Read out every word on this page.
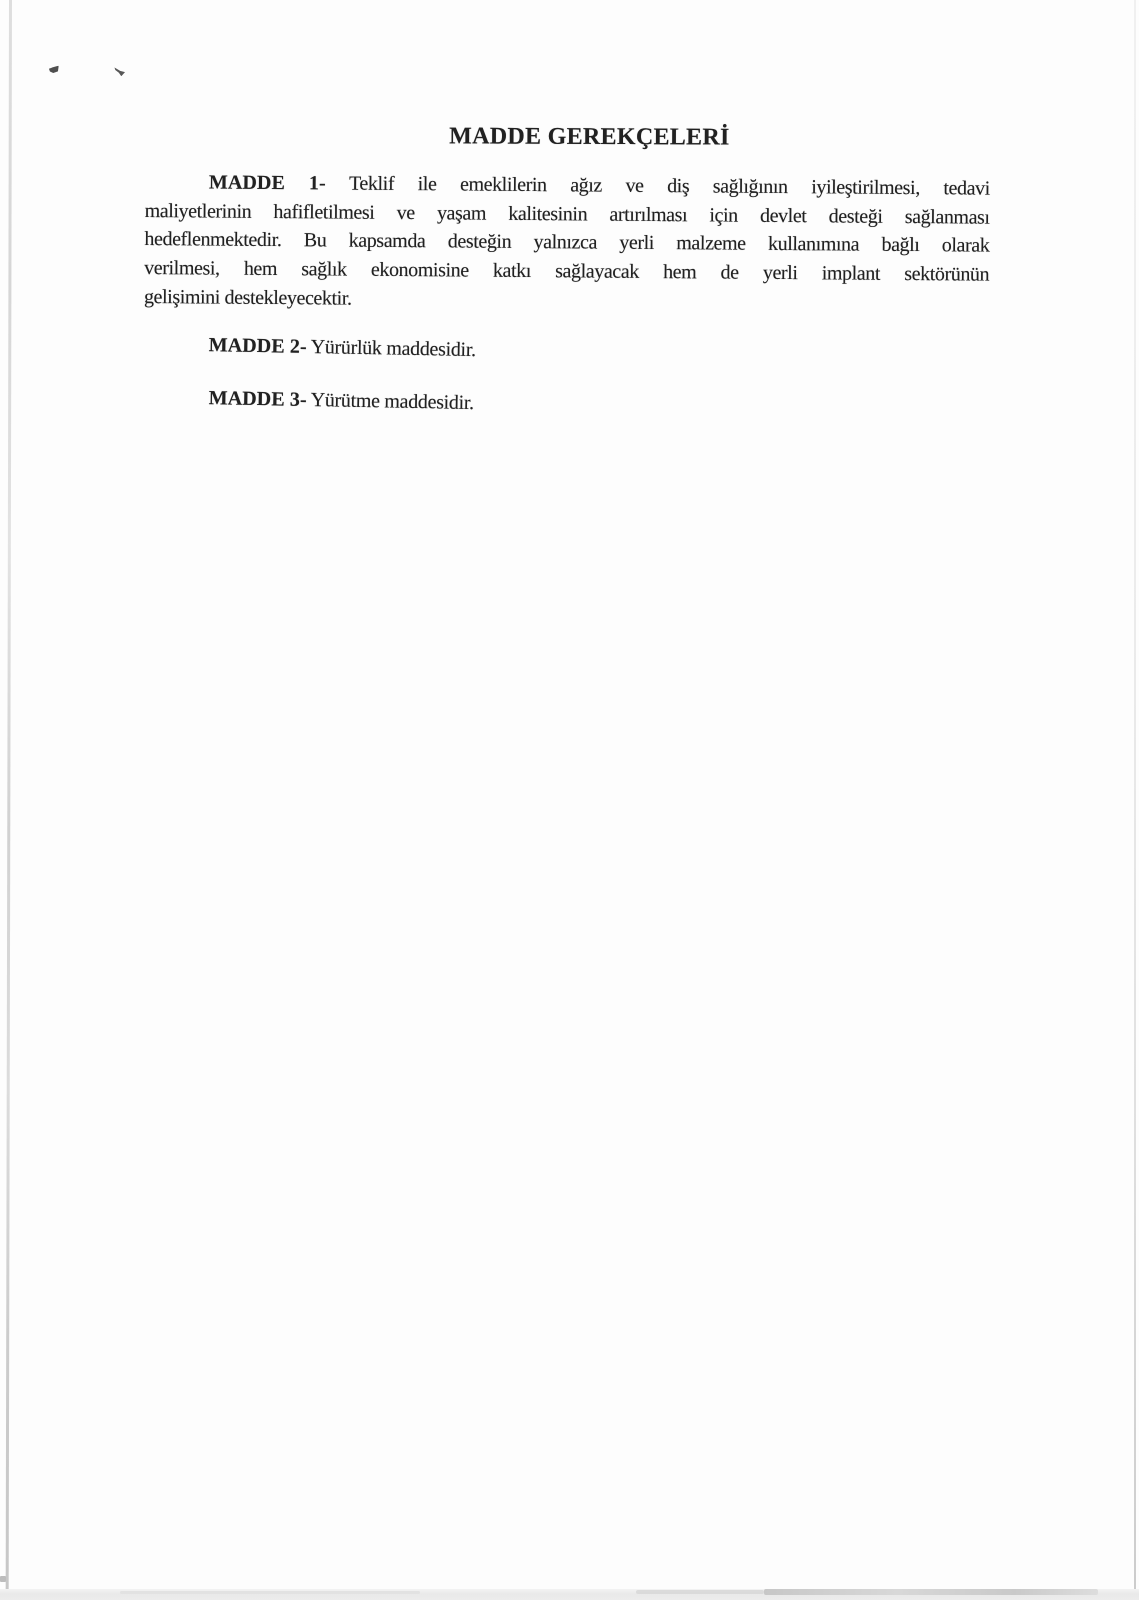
MADDE GEREKÇELERİ
MADDE 1- Teklif ile emeklilerin ağız ve diş sağlığının iyileştirilmesi, tedavi
maliyetlerinin hafifletilmesi ve yaşam kalitesinin artırılması için devlet desteği sağlanması
hedeflenmektedir. Bu kapsamda desteğin yalnızca yerli malzeme kullanımına bağlı olarak
verilmesi, hem sağlık ekonomisine katkı sağlayacak hem de yerli implant sektörünün
gelişimini destekleyecektir.
MADDE 2- Yürürlük maddesidir.
MADDE 3- Yürütme maddesidir.
